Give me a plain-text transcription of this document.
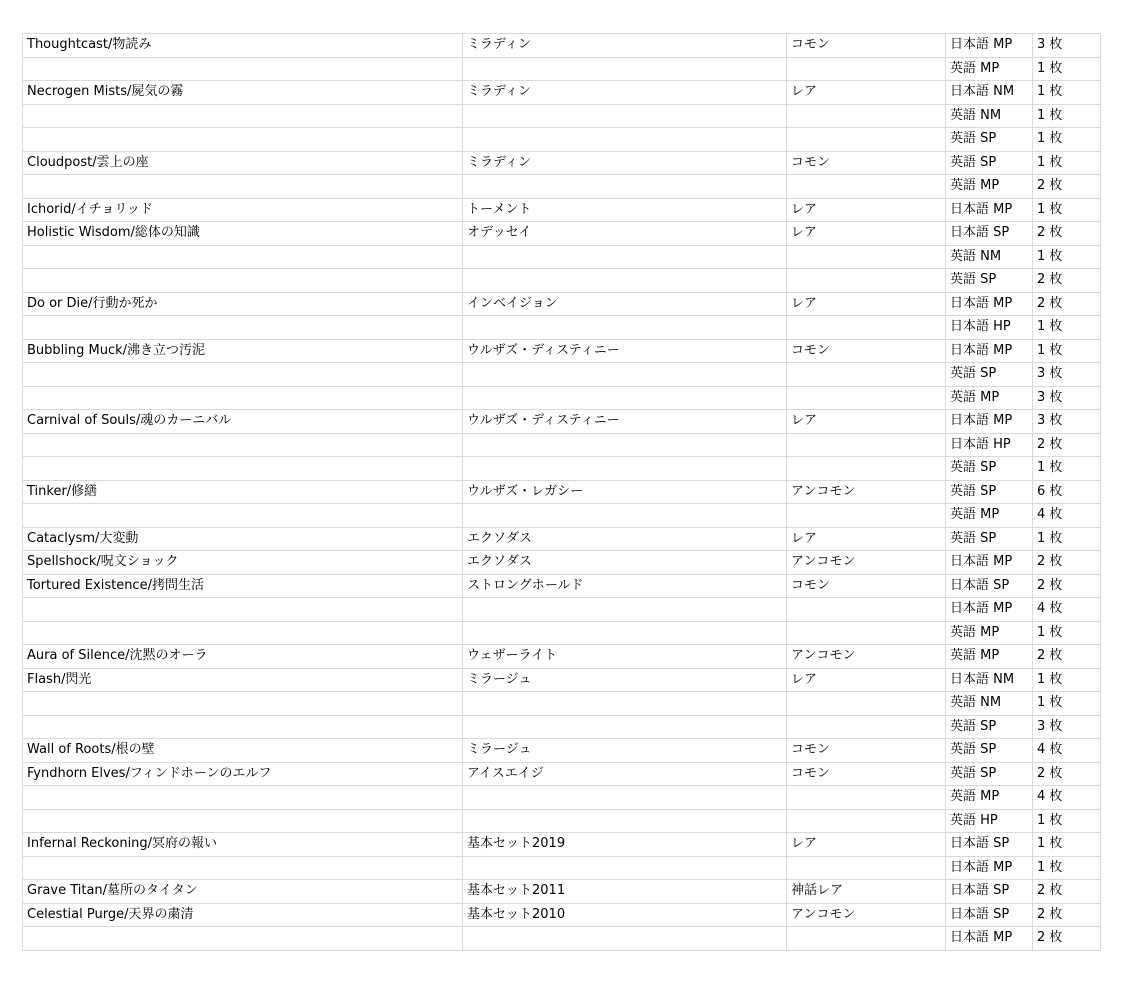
Thoughtcast/物読み	ミラディン	コモン	日本語 MP	3 枚
			英語 MP	1 枚
Necrogen Mists/屍気の霧	ミラディン	レア	日本語 NM	1 枚
			英語 NM	1 枚
			英語 SP	1 枚
Cloudpost/雲上の座	ミラディン	コモン	英語 SP	1 枚
			英語 MP	2 枚
Ichorid/イチョリッド	トーメント	レア	日本語 MP	1 枚
Holistic Wisdom/総体の知識	オデッセイ	レア	日本語 SP	2 枚
			英語 NM	1 枚
			英語 SP	2 枚
Do or Die/行動か死か	インベイジョン	レア	日本語 MP	2 枚
			日本語 HP	1 枚
Bubbling Muck/沸き立つ汚泥	ウルザズ・ディスティニー	コモン	日本語 MP	1 枚
			英語 SP	3 枚
			英語 MP	3 枚
Carnival of Souls/魂のカーニバル	ウルザズ・ディスティニー	レア	日本語 MP	3 枚
			日本語 HP	2 枚
			英語 SP	1 枚
Tinker/修繕	ウルザズ・レガシー	アンコモン	英語 SP	6 枚
			英語 MP	4 枚
Cataclysm/大変動	エクソダス	レア	英語 SP	1 枚
Spellshock/呪文ショック	エクソダス	アンコモン	日本語 MP	2 枚
Tortured Existence/拷問生活	ストロングホールド	コモン	日本語 SP	2 枚
			日本語 MP	4 枚
			英語 MP	1 枚
Aura of Silence/沈黙のオーラ	ウェザーライト	アンコモン	英語 MP	2 枚
Flash/閃光	ミラージュ	レア	日本語 NM	1 枚
			英語 NM	1 枚
			英語 SP	3 枚
Wall of Roots/根の壁	ミラージュ	コモン	英語 SP	4 枚
Fyndhorn Elves/フィンドホーンのエルフ	アイスエイジ	コモン	英語 SP	2 枚
			英語 MP	4 枚
			英語 HP	1 枚
Infernal Reckoning/冥府の報い	基本セット2019	レア	日本語 SP	1 枚
			日本語 MP	1 枚
Grave Titan/墓所のタイタン	基本セット2011	神話レア	日本語 SP	2 枚
Celestial Purge/天界の粛清	基本セット2010	アンコモン	日本語 SP	2 枚
			日本語 MP	2 枚
